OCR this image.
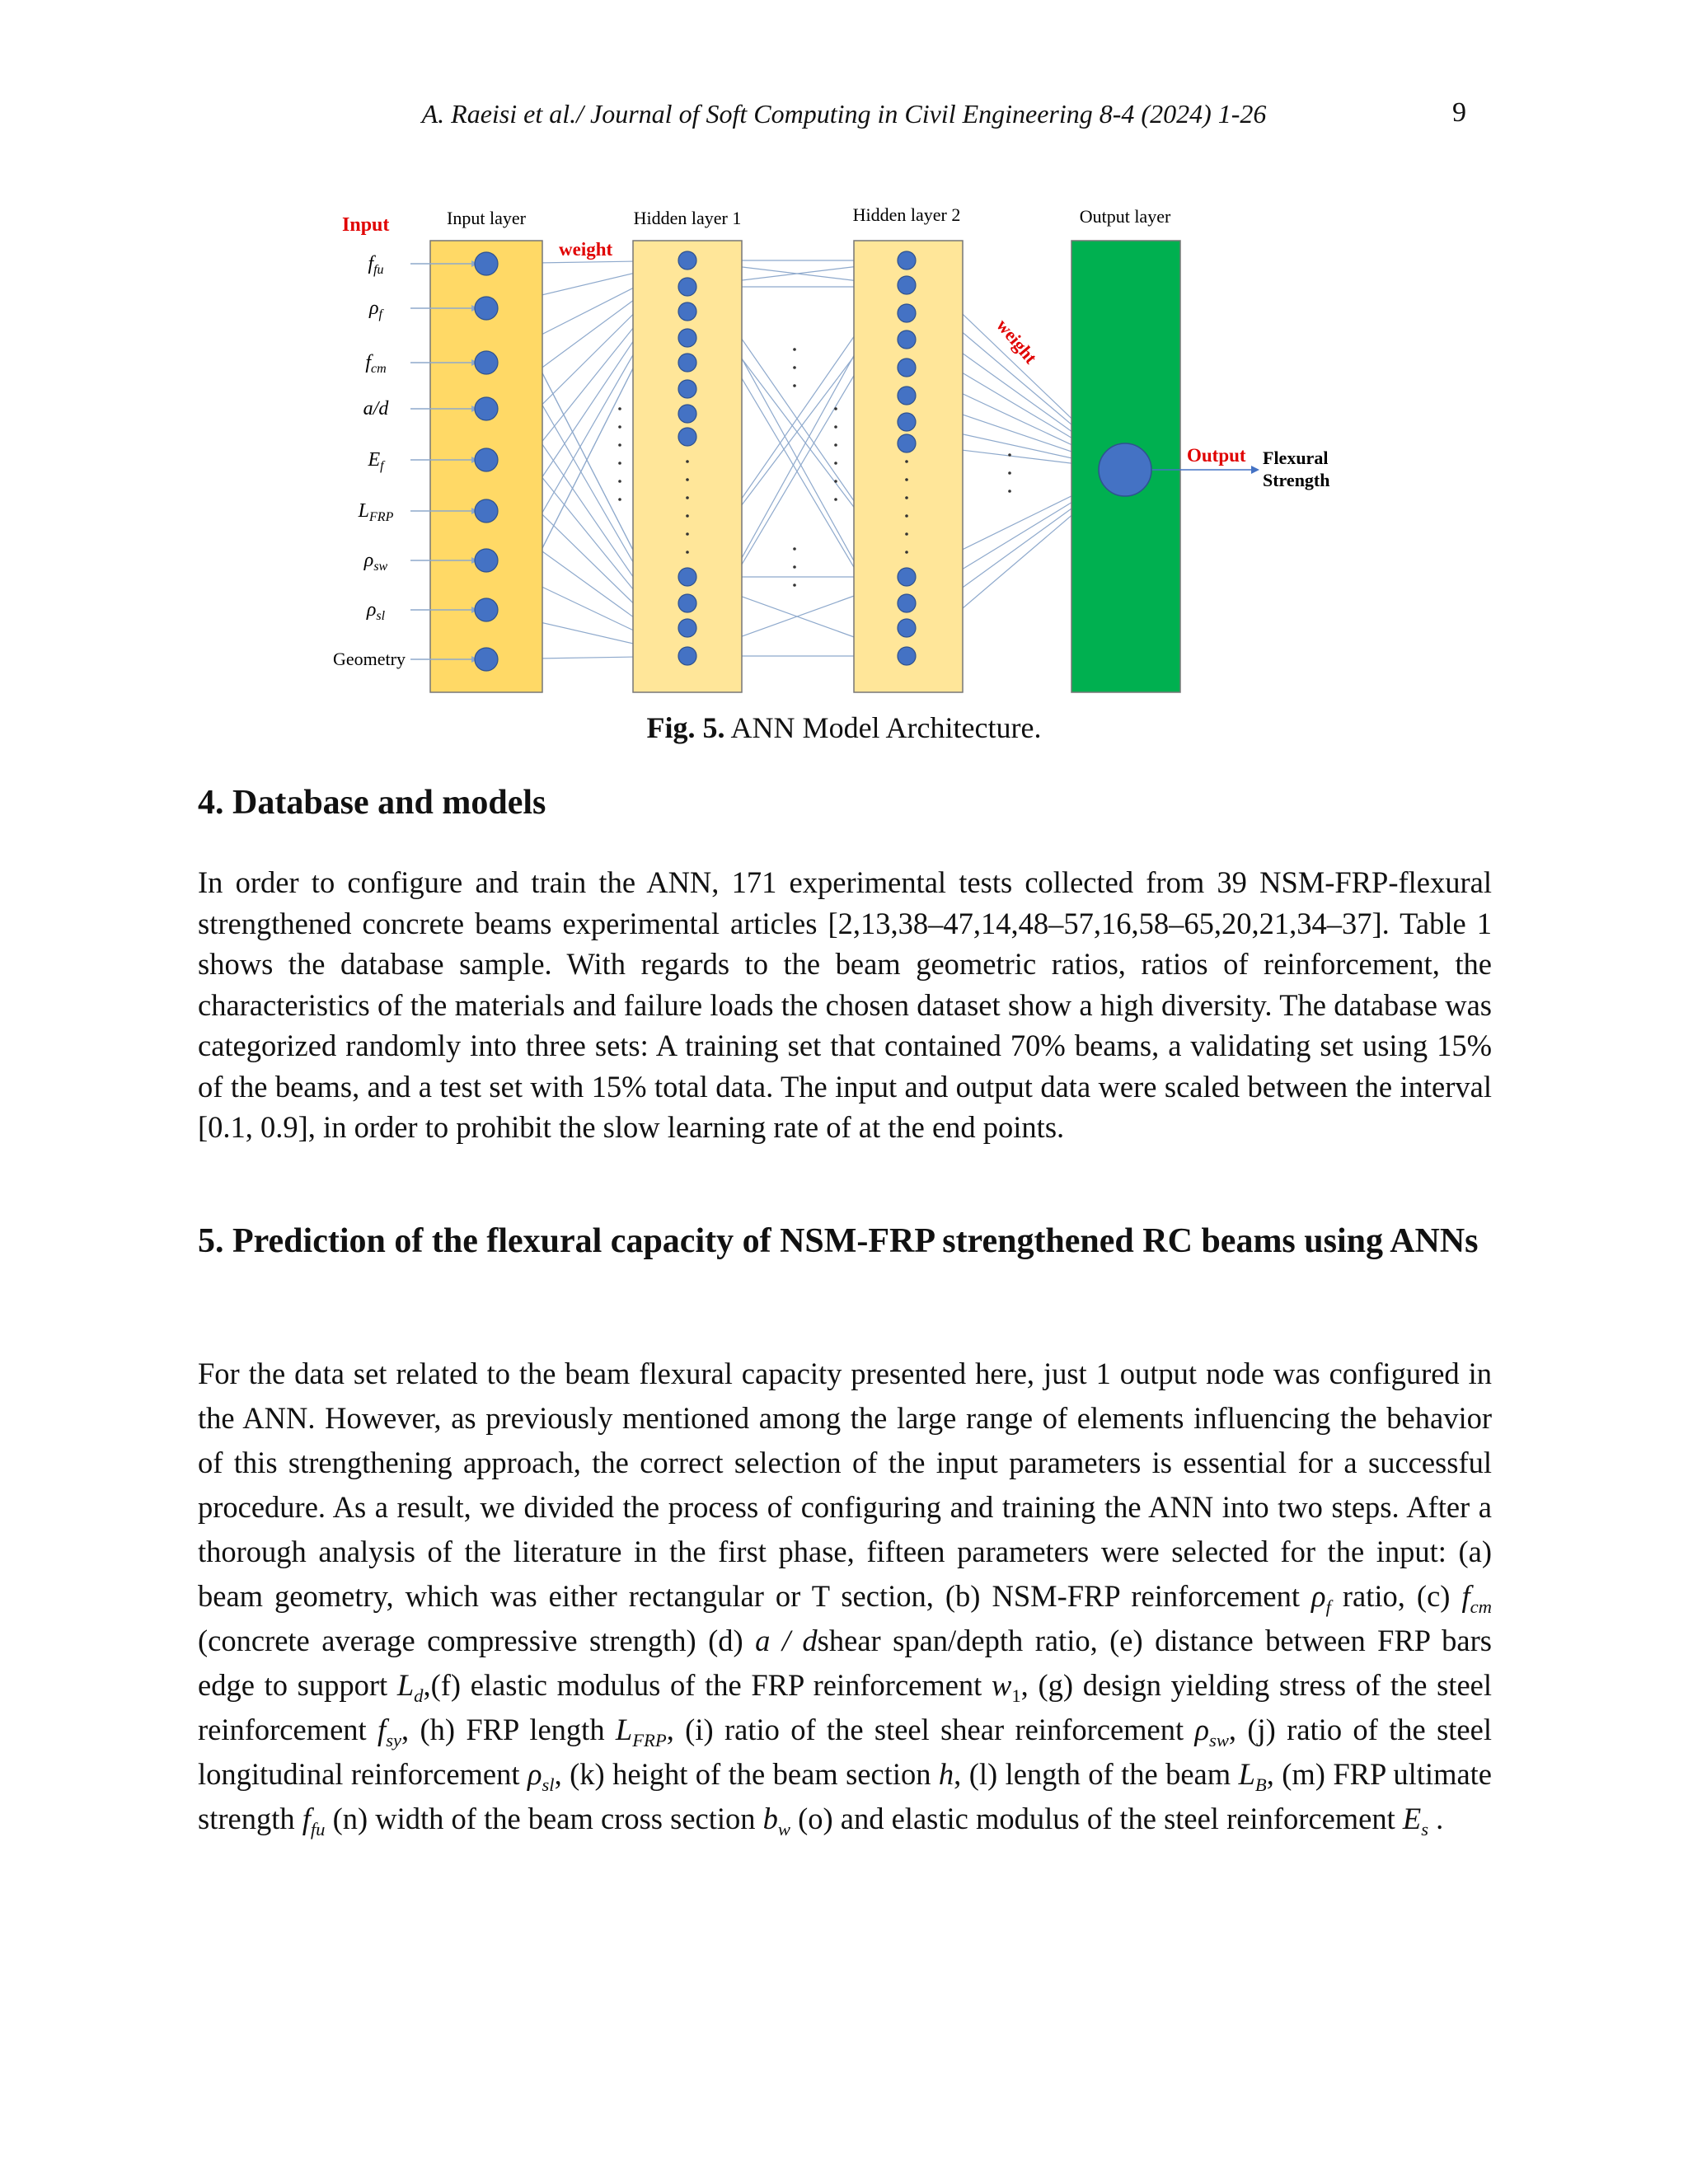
A. Raeisi et al./ Journal of Soft Computing in Civil Engineering 8-4 (2024) 1-26	9
Input	Input layer	Hidden layer 1	Hidden layer 2	Output layer
weight
weight
Output Flexural
Strength
$f_{fu}$
$\rho_f$
$f_{cm}$
a/d
$E_f$
$L_{FRP}$
$\rho_{sw}$
$\rho_{sl}$
Geometry
Fig. 5. ANN Model Architecture.
4. Database and models
In order to configure and train the ANN, 171 experimental tests collected from 39 NSM-FRP-flexural strengthened concrete beams experimental articles [2,13,38–47,14,48–57,16,58–65,20,21,34–37]. Table 1 shows the database sample. With regards to the beam geometric ratios, ratios of reinforcement, the characteristics of the materials and failure loads the chosen dataset show a high diversity. The database was categorized randomly into three sets: A training set that contained 70% beams, a validating set using 15% of the beams, and a test set with 15% total data. The input and output data were scaled between the interval [0.1, 0.9], in order to prohibit the slow learning rate of at the end points.
5. Prediction of the flexural capacity of NSM-FRP strengthened RC beams using ANNs
For the data set related to the beam flexural capacity presented here, just 1 output node was configured in the ANN. However, as previously mentioned among the large range of elements influencing the behavior of this strengthening approach, the correct selection of the input parameters is essential for a successful procedure. As a result, we divided the process of configuring and training the ANN into two steps. After a thorough analysis of the literature in the first phase, fifteen parameters were selected for the input: (a) beam geometry, which was either rectangular or T section, (b) NSM-FRP reinforcement $\rho_f$ ratio, (c) $f_{cm}$ (concrete average compressive strength) (d) a / dshear span/depth ratio, (e) distance between FRP bars edge to support $L_d,(f)$ elastic modulus of the FRP reinforcement $w_1$, (g) design yielding stress of the steel reinforcement $f_{sy}$, (h) FRP length $L_{FRP}$, (i) ratio of the steel shear reinforcement $\rho_{sw}$, (j) ratio of the steel longitudinal reinforcement $\rho_{sl}$, (k) height of the beam section h, (l) length of the beam $L_B$, (m) FRP ultimate strength $f_{fu}$ (n) width of the beam cross section $b_w$ (o) and elastic modulus of the steel reinforcement $E_s$ .
